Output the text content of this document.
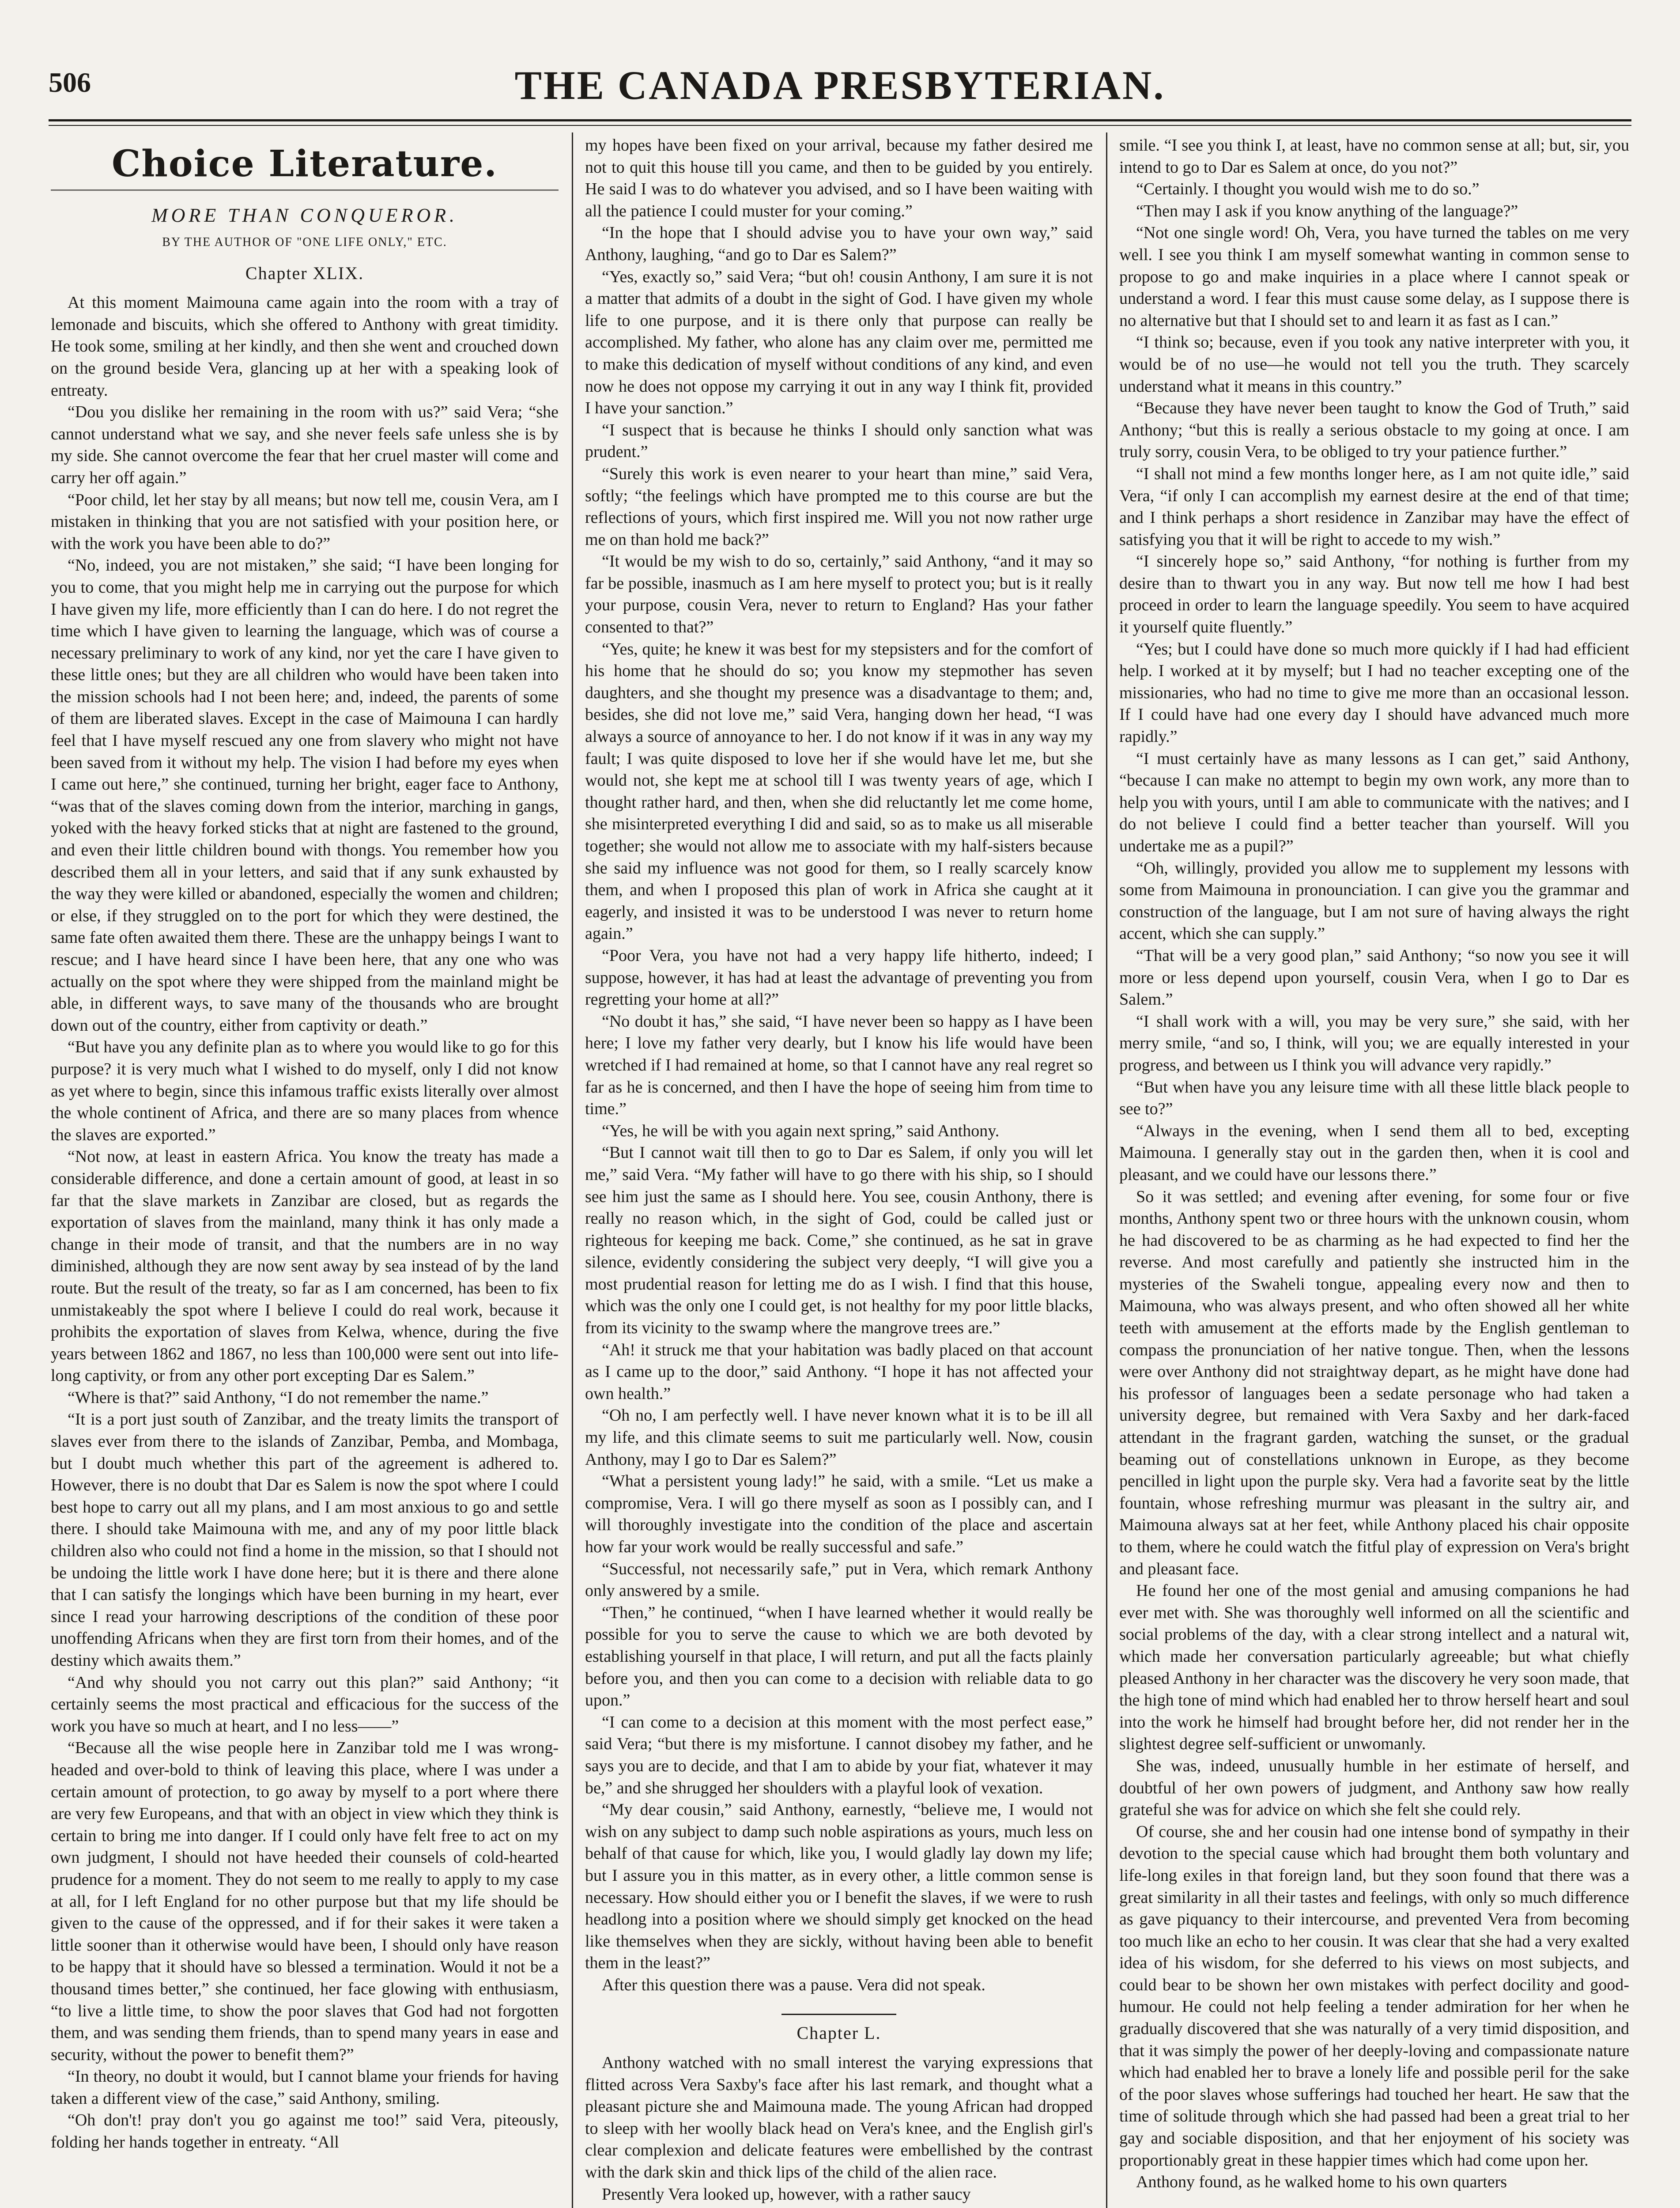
506	THE CANADA PRESBYTERIAN.
Choice Literature.
MORE THAN CONQUEROR.
BY THE AUTHOR OF "ONE LIFE ONLY," ETC.
Chapter XLIX.

At this moment Maimouna came again into the room with a tray of lemonade and biscuits, which she offered to Anthony with great timidity. He took some, smiling at her kindly, and then she went and crouched down on the ground beside Vera, glancing up at her with a speaking look of entreaty.

“Dou you dislike her remaining in the room with us?” said Vera; “she cannot understand what we say, and she never feels safe unless she is by my side. She cannot overcome the fear that her cruel master will come and carry her off again.”

“Poor child, let her stay by all means; but now tell me, cousin Vera, am I mistaken in thinking that you are not satisfied with your position here, or with the work you have been able to do?”

“No, indeed, you are not mistaken,” she said; “I have been longing for you to come, that you might help me in carrying out the purpose for which I have given my life, more efficiently than I can do here. I do not regret the time which I have given to learning the language, which was of course a necessary preliminary to work of any kind, nor yet the care I have given to these little ones; but they are all children who would have been taken into the mission schools had I not been here; and, indeed, the parents of some of them are liberated slaves. Except in the case of Maimouna I can hardly feel that I have myself rescued any one from slavery who might not have been saved from it without my help. The vision I had before my eyes when I came out here,” she continued, turning her bright, eager face to Anthony, “was that of the slaves coming down from the interior, marching in gangs, yoked with the heavy forked sticks that at night are fastened to the ground, and even their little children bound with thongs. You remember how you described them all in your letters, and said that if any sunk exhausted by the way they were killed or abandoned, especially the women and children; or else, if they struggled on to the port for which they were destined, the same fate often awaited them there. These are the unhappy beings I want to rescue; and I have heard since I have been here, that any one who was actually on the spot where they were shipped from the mainland might be able, in different ways, to save many of the thousands who are brought down out of the country, either from captivity or death.”

“But have you any definite plan as to where you would like to go for this purpose? it is very much what I wished to do myself, only I did not know as yet where to begin, since this infamous traffic exists literally over almost the whole continent of Africa, and there are so many places from whence the slaves are exported.”

“Not now, at least in eastern Africa. You know the treaty has made a considerable difference, and done a certain amount of good, at least in so far that the slave markets in Zanzibar are closed, but as regards the exportation of slaves from the mainland, many think it has only made a change in their mode of transit, and that the numbers are in no way diminished, although they are now sent away by sea instead of by the land route. But the result of the treaty, so far as I am concerned, has been to fix unmistakeably the spot where I believe I could do real work, because it prohibits the exportation of slaves from Kelwa, whence, during the five years between 1862 and 1867, no less than 100,000 were sent out into life-long captivity, or from any other port excepting Dar es Salem.”

“Where is that?” said Anthony, “I do not remember the name.”

“It is a port just south of Zanzibar, and the treaty limits the transport of slaves ever from there to the islands of Zanzibar, Pemba, and Mombaga, but I doubt much whether this part of the agreement is adhered to. However, there is no doubt that Dar es Salem is now the spot where I could best hope to carry out all my plans, and I am most anxious to go and settle there. I should take Maimouna with me, and any of my poor little black children also who could not find a home in the mission, so that I should not be undoing the little work I have done here; but it is there and there alone that I can satisfy the longings which have been burning in my heart, ever since I read your harrowing descriptions of the condition of these poor unoffending Africans when they are first torn from their homes, and of the destiny which awaits them.”

“And why should you not carry out this plan?” said Anthony; “it certainly seems the most practical and efficacious for the success of the work you have so much at heart, and I no less——”

“Because all the wise people here in Zanzibar told me I was wrong-headed and over-bold to think of leaving this place, where I was under a certain amount of protection, to go away by myself to a port where there are very few Europeans, and that with an object in view which they think is certain to bring me into danger. If I could only have felt free to act on my own judgment, I should not have heeded their counsels of cold-hearted prudence for a moment. They do not seem to me really to apply to my case at all, for I left England for no other purpose but that my life should be given to the cause of the oppressed, and if for their sakes it were taken a little sooner than it otherwise would have been, I should only have reason to be happy that it should have so blessed a termination. Would it not be a thousand times better,” she continued, her face glowing with enthusiasm, “to live a little time, to show the poor slaves that God had not forgotten them, and was sending them friends, than to spend many years in ease and security, without the power to benefit them?”

“In theory, no doubt it would, but I cannot blame your friends for having taken a different view of the case,” said Anthony, smiling.

“Oh don't! pray don't you go against me too!” said Vera, piteously, folding her hands together in entreaty. “All

my hopes have been fixed on your arrival, because my father desired me not to quit this house till you came, and then to be guided by you entirely. He said I was to do whatever you advised, and so I have been waiting with all the patience I could muster for your coming.”

“In the hope that I should advise you to have your own way,” said Anthony, laughing, “and go to Dar es Salem?”

“Yes, exactly so,” said Vera; “but oh! cousin Anthony, I am sure it is not a matter that admits of a doubt in the sight of God. I have given my whole life to one purpose, and it is there only that purpose can really be accomplished. My father, who alone has any claim over me, permitted me to make this dedication of myself without conditions of any kind, and even now he does not oppose my carrying it out in any way I think fit, provided I have your sanction.”

“I suspect that is because he thinks I should only sanction what was prudent.”

“Surely this work is even nearer to your heart than mine,” said Vera, softly; “the feelings which have prompted me to this course are but the reflections of yours, which first inspired me. Will you not now rather urge me on than hold me back?”

“It would be my wish to do so, certainly,” said Anthony, “and it may so far be possible, inasmuch as I am here myself to protect you; but is it really your purpose, cousin Vera, never to return to England? Has your father consented to that?”

“Yes, quite; he knew it was best for my stepsisters and for the comfort of his home that he should do so; you know my stepmother has seven daughters, and she thought my presence was a disadvantage to them; and, besides, she did not love me,” said Vera, hanging down her head, “I was always a source of annoyance to her. I do not know if it was in any way my fault; I was quite disposed to love her if she would have let me, but she would not, she kept me at school till I was twenty years of age, which I thought rather hard, and then, when she did reluctantly let me come home, she misinterpreted everything I did and said, so as to make us all miserable together; she would not allow me to associate with my half-sisters because she said my influence was not good for them, so I really scarcely know them, and when I proposed this plan of work in Africa she caught at it eagerly, and insisted it was to be understood I was never to return home again.”

“Poor Vera, you have not had a very happy life hitherto, indeed; I suppose, however, it has had at least the advantage of preventing you from regretting your home at all?”

“No doubt it has,” she said, “I have never been so happy as I have been here; I love my father very dearly, but I know his life would have been wretched if I had remained at home, so that I cannot have any real regret so far as he is concerned, and then I have the hope of seeing him from time to time.”

“Yes, he will be with you again next spring,” said Anthony.

“But I cannot wait till then to go to Dar es Salem, if only you will let me,” said Vera. “My father will have to go there with his ship, so I should see him just the same as I should here. You see, cousin Anthony, there is really no reason which, in the sight of God, could be called just or righteous for keeping me back. Come,” she continued, as he sat in grave silence, evidently considering the subject very deeply, “I will give you a most prudential reason for letting me do as I wish. I find that this house, which was the only one I could get, is not healthy for my poor little blacks, from its vicinity to the swamp where the mangrove trees are.”

“Ah! it struck me that your habitation was badly placed on that account as I came up to the door,” said Anthony. “I hope it has not affected your own health.”

“Oh no, I am perfectly well. I have never known what it is to be ill all my life, and this climate seems to suit me particularly well. Now, cousin Anthony, may I go to Dar es Salem?”

“What a persistent young lady!” he said, with a smile. “Let us make a compromise, Vera. I will go there myself as soon as I possibly can, and I will thoroughly investigate into the condition of the place and ascertain how far your work would be really successful and safe.”

“Successful, not necessarily safe,” put in Vera, which remark Anthony only answered by a smile.

“Then,” he continued, “when I have learned whether it would really be possible for you to serve the cause to which we are both devoted by establishing yourself in that place, I will return, and put all the facts plainly before you, and then you can come to a decision with reliable data to go upon.”

“I can come to a decision at this moment with the most perfect ease,” said Vera; “but there is my misfortune. I cannot disobey my father, and he says you are to decide, and that I am to abide by your fiat, whatever it may be,” and she shrugged her shoulders with a playful look of vexation.

“My dear cousin,” said Anthony, earnestly, “believe me, I would not wish on any subject to damp such noble aspirations as yours, much less on behalf of that cause for which, like you, I would gladly lay down my life; but I assure you in this matter, as in every other, a little common sense is necessary. How should either you or I benefit the slaves, if we were to rush headlong into a position where we should simply get knocked on the head like themselves when they are sickly, without having been able to benefit them in the least?”

After this question there was a pause. Vera did not speak.

Chapter L.

Anthony watched with no small interest the varying expressions that flitted across Vera Saxby's face after his last remark, and thought what a pleasant picture she and Maimouna made. The young African had dropped to sleep with her woolly black head on Vera's knee, and the English girl's clear complexion and delicate features were embellished by the contrast with the dark skin and thick lips of the child of the alien race.

Presently Vera looked up, however, with a rather saucy

smile. “I see you think I, at least, have no common sense at all; but, sir, you intend to go to Dar es Salem at once, do you not?”

“Certainly. I thought you would wish me to do so.”

“Then may I ask if you know anything of the language?”

“Not one single word! Oh, Vera, you have turned the tables on me very well. I see you think I am myself somewhat wanting in common sense to propose to go and make inquiries in a place where I cannot speak or understand a word. I fear this must cause some delay, as I suppose there is no alternative but that I should set to and learn it as fast as I can.”

“I think so; because, even if you took any native interpreter with you, it would be of no use—he would not tell you the truth. They scarcely understand what it means in this country.”

“Because they have never been taught to know the God of Truth,” said Anthony; “but this is really a serious obstacle to my going at once. I am truly sorry, cousin Vera, to be obliged to try your patience further.”

“I shall not mind a few months longer here, as I am not quite idle,” said Vera, “if only I can accomplish my earnest desire at the end of that time; and I think perhaps a short residence in Zanzibar may have the effect of satisfying you that it will be right to accede to my wish.”

“I sincerely hope so,” said Anthony, “for nothing is further from my desire than to thwart you in any way. But now tell me how I had best proceed in order to learn the language speedily. You seem to have acquired it yourself quite fluently.”

“Yes; but I could have done so much more quickly if I had had efficient help. I worked at it by myself; but I had no teacher excepting one of the missionaries, who had no time to give me more than an occasional lesson. If I could have had one every day I should have advanced much more rapidly.”

“I must certainly have as many lessons as I can get,” said Anthony, “because I can make no attempt to begin my own work, any more than to help you with yours, until I am able to communicate with the natives; and I do not believe I could find a better teacher than yourself. Will you undertake me as a pupil?”

“Oh, willingly, provided you allow me to supplement my lessons with some from Maimouna in pronounciation. I can give you the grammar and construction of the language, but I am not sure of having always the right accent, which she can supply.”

“That will be a very good plan,” said Anthony; “so now you see it will more or less depend upon yourself, cousin Vera, when I go to Dar es Salem.”

“I shall work with a will, you may be very sure,” she said, with her merry smile, “and so, I think, will you; we are equally interested in your progress, and between us I think you will advance very rapidly.”

“But when have you any leisure time with all these little black people to see to?”

“Always in the evening, when I send them all to bed, excepting Maimouna. I generally stay out in the garden then, when it is cool and pleasant, and we could have our lessons there.”

So it was settled; and evening after evening, for some four or five months, Anthony spent two or three hours with the unknown cousin, whom he had discovered to be as charming as he had expected to find her the reverse. And most carefully and patiently she instructed him in the mysteries of the Swaheli tongue, appealing every now and then to Maimouna, who was always present, and who often showed all her white teeth with amusement at the efforts made by the English gentleman to compass the pronunciation of her native tongue. Then, when the lessons were over Anthony did not straightway depart, as he might have done had his professor of languages been a sedate personage who had taken a university degree, but remained with Vera Saxby and her dark-faced attendant in the fragrant garden, watching the sunset, or the gradual beaming out of constellations unknown in Europe, as they become pencilled in light upon the purple sky. Vera had a favorite seat by the little fountain, whose refreshing murmur was pleasant in the sultry air, and Maimouna always sat at her feet, while Anthony placed his chair opposite to them, where he could watch the fitful play of expression on Vera's bright and pleasant face.

He found her one of the most genial and amusing companions he had ever met with. She was thoroughly well informed on all the scientific and social problems of the day, with a clear strong intellect and a natural wit, which made her conversation particularly agreeable; but what chiefly pleased Anthony in her character was the discovery he very soon made, that the high tone of mind which had enabled her to throw herself heart and soul into the work he himself had brought before her, did not render her in the slightest degree self-sufficient or unwomanly.

She was, indeed, unusually humble in her estimate of herself, and doubtful of her own powers of judgment, and Anthony saw how really grateful she was for advice on which she felt she could rely.

Of course, she and her cousin had one intense bond of sympathy in their devotion to the special cause which had brought them both voluntary and life-long exiles in that foreign land, but they soon found that there was a great similarity in all their tastes and feelings, with only so much difference as gave piquancy to their intercourse, and prevented Vera from becoming too much like an echo to her cousin. It was clear that she had a very exalted idea of his wisdom, for she deferred to his views on most subjects, and could bear to be shown her own mistakes with perfect docility and good-humour. He could not help feeling a tender admiration for her when he gradually discovered that she was naturally of a very timid disposition, and that it was simply the power of her deeply-loving and compassionate nature which had enabled her to brave a lonely life and possible peril for the sake of the poor slaves whose sufferings had touched her heart. He saw that the time of solitude through which she had passed had been a great trial to her gay and sociable disposition, and that her enjoyment of his society was proportionably great in these happier times which had come upon her.

Anthony found, as he walked home to his own quarters
